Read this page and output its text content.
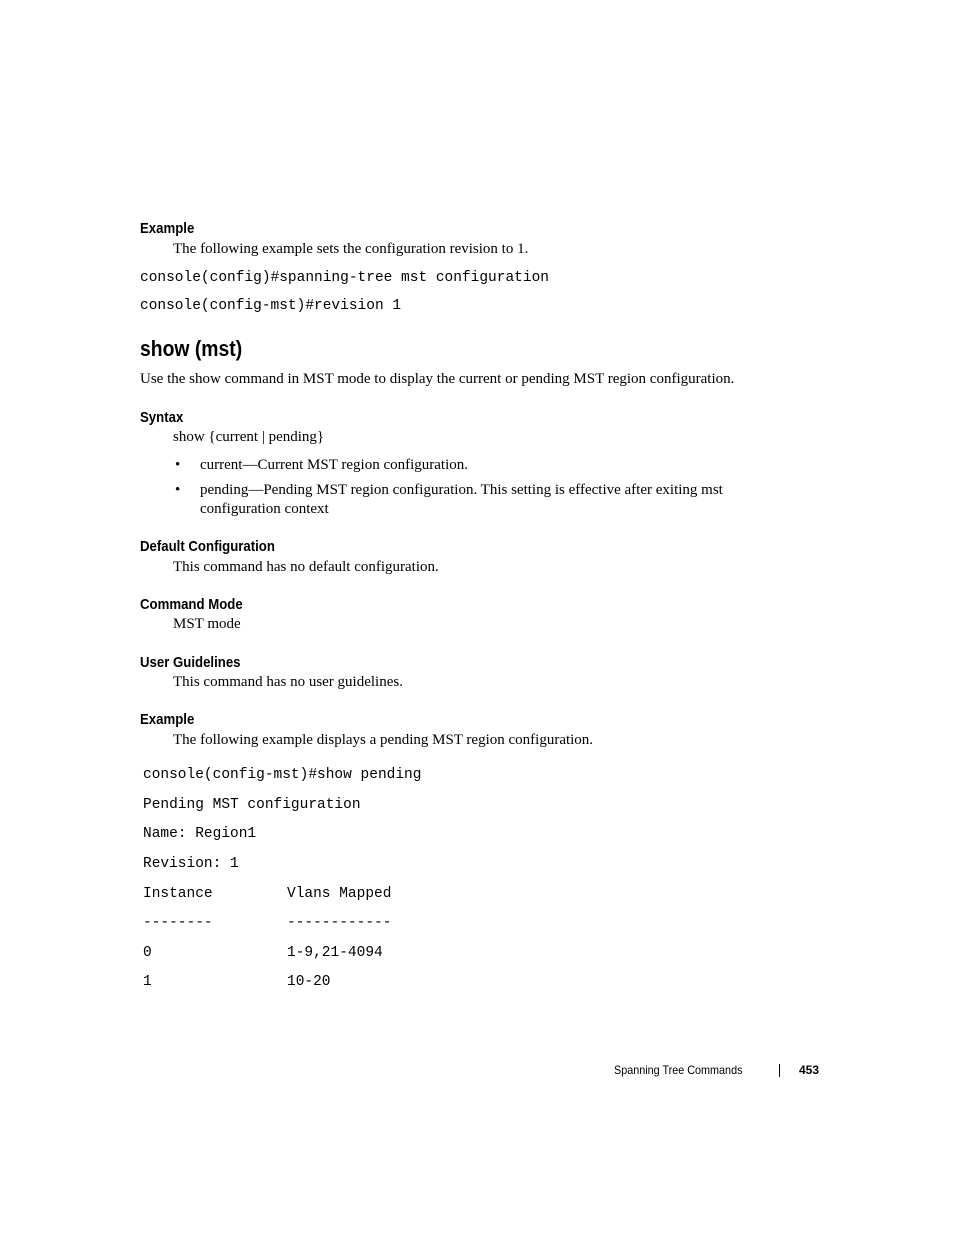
Example
The following example sets the configuration revision to 1.
console(config)#spanning-tree mst configuration
console(config-mst)#revision 1
show (mst)
Use the show command in MST mode to display the current or pending MST region configuration.
Syntax
show {current | pending}
• current—Current MST region configuration.
• pending—Pending MST region configuration. This setting is effective after exiting mst
configuration context
Default Configuration
This command has no default configuration.
Command Mode
MST mode
User Guidelines
This command has no user guidelines.
Example
The following example displays a pending MST region configuration.
console(config-mst)#show pending
Pending MST configuration
Name: Region1
Revision: 1
Instance	Vlans Mapped
--------	------------
0	1-9,21-4094
1	10-20
Spanning Tree Commands	453
